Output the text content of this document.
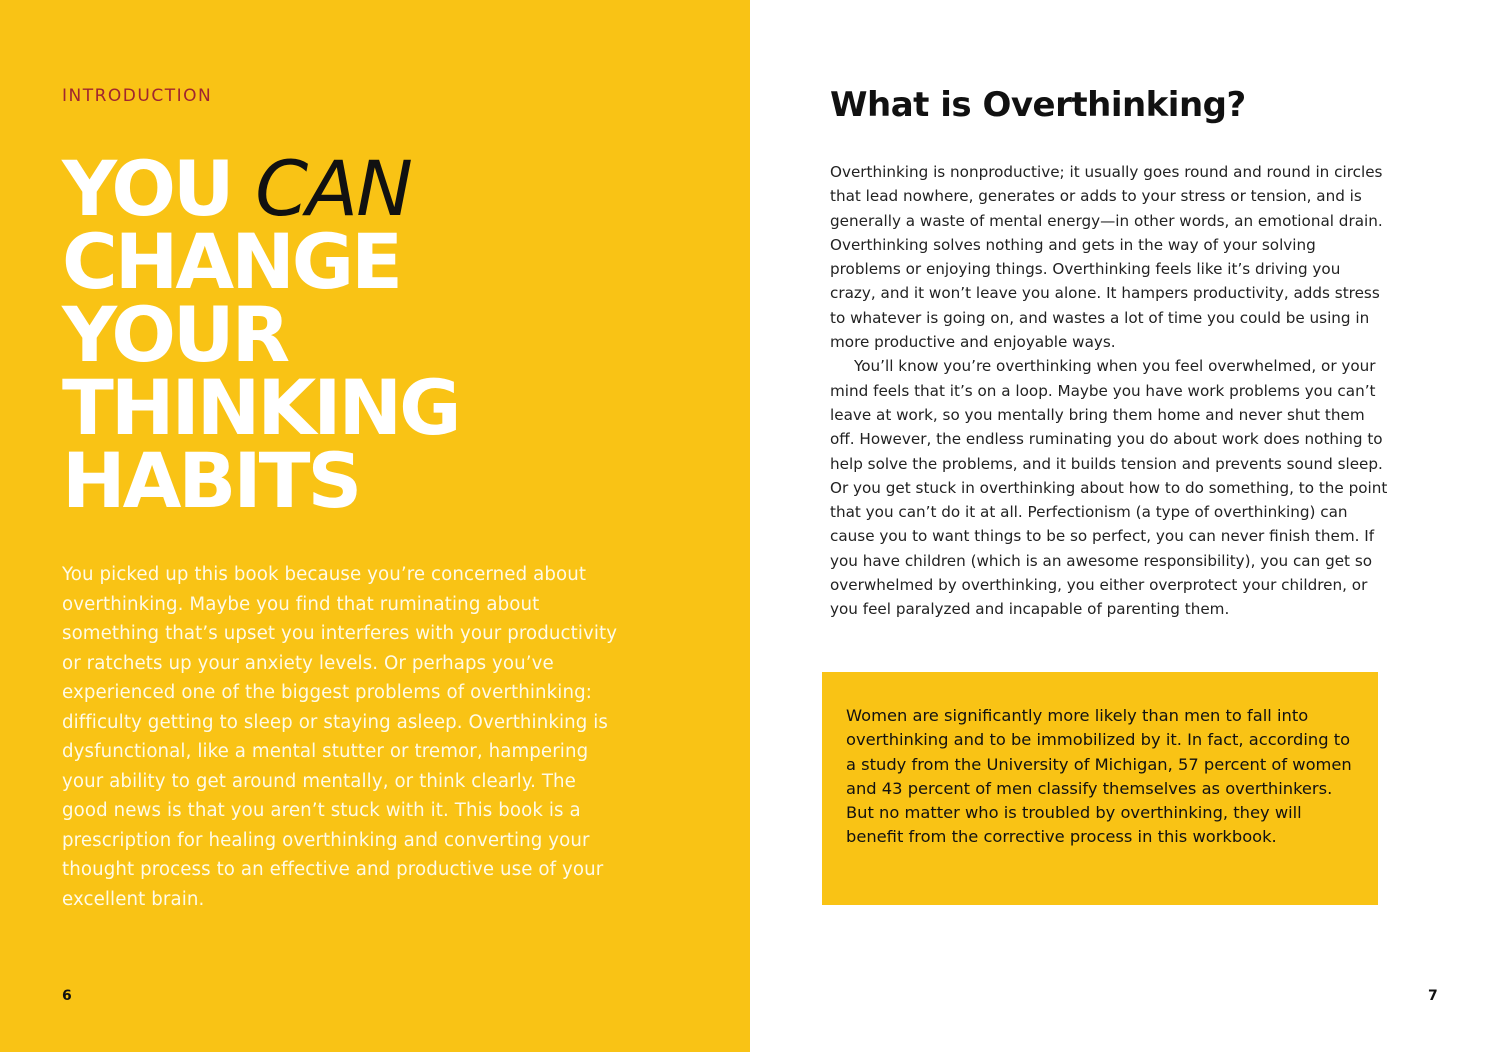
INTRODUCTION

YOU CAN
CHANGE
YOUR
THINKING
HABITS

You picked up this book because you’re concerned about overthinking. Maybe you find that ruminating about something that’s upset you interferes with your productivity or ratchets up your anxiety levels. Or perhaps you’ve experienced one of the biggest problems of overthinking: difficulty getting to sleep or staying asleep. Overthinking is dysfunctional, like a mental stutter or tremor, hampering your ability to get around mentally, or think clearly. The good news is that you aren’t stuck with it. This book is a prescription for healing overthinking and converting your thought process to an effective and productive use of your excellent brain.

6

What is Overthinking?

Overthinking is nonproductive; it usually goes round and round in circles that lead nowhere, generates or adds to your stress or tension, and is generally a waste of mental energy—in other words, an emotional drain. Overthinking solves nothing and gets in the way of your solving problems or enjoying things. Overthinking feels like it’s driving you crazy, and it won’t leave you alone. It hampers productivity, adds stress to whatever is going on, and wastes a lot of time you could be using in more productive and enjoyable ways.

You’ll know you’re overthinking when you feel overwhelmed, or your mind feels that it’s on a loop. Maybe you have work problems you can’t leave at work, so you mentally bring them home and never shut them off. However, the endless ruminating you do about work does nothing to help solve the problems, and it builds tension and prevents sound sleep. Or you get stuck in overthinking about how to do something, to the point that you can’t do it at all. Perfectionism (a type of overthinking) can cause you to want things to be so perfect, you can never finish them. If you have children (which is an awesome responsibility), you can get so overwhelmed by overthinking, you either overprotect your children, or you feel paralyzed and incapable of parenting them.

Women are significantly more likely than men to fall into overthinking and to be immobilized by it. In fact, according to a study from the University of Michigan, 57 percent of women and 43 percent of men classify themselves as overthinkers. But no matter who is troubled by overthinking, they will benefit from the corrective process in this workbook.

7
